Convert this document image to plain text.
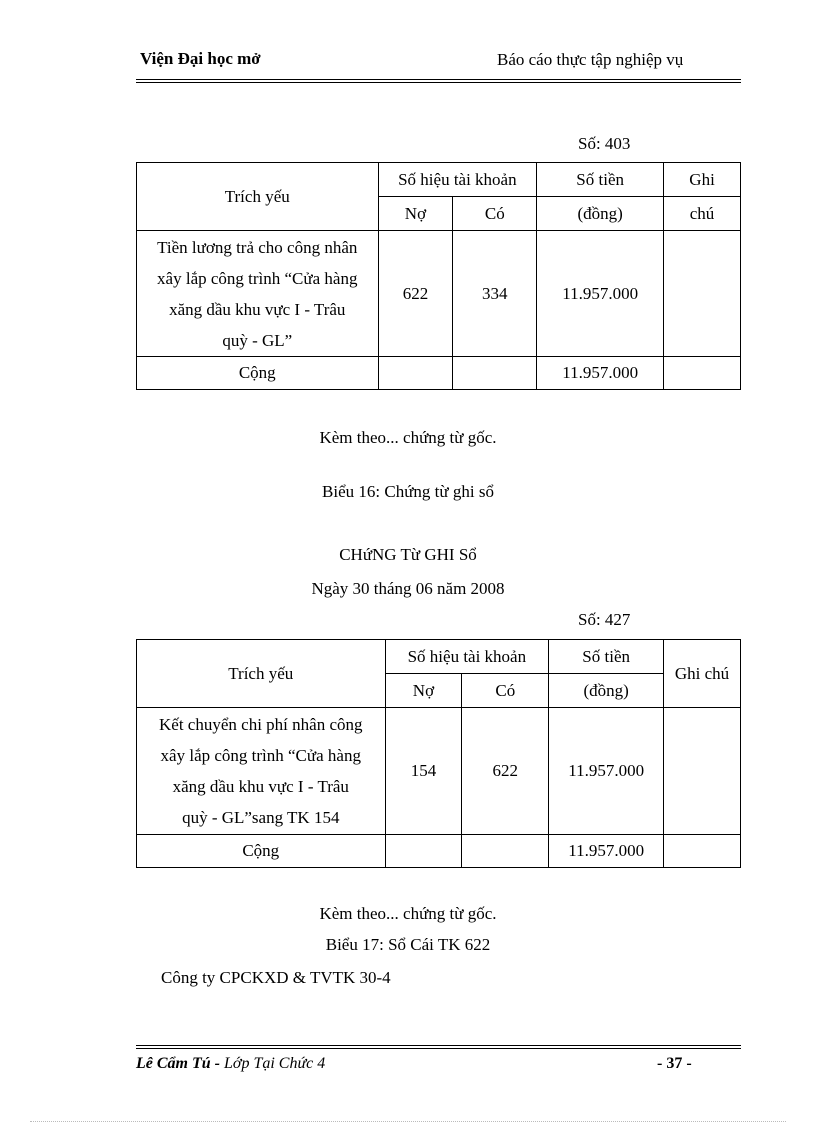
Viện Đại học mở	Báo cáo thực tập nghiệp vụ
Số: 403
Trích yếu	Số hiệu tài khoản		Số tiền	Ghi
	Nợ	Có	(đồng)	chú

Tiền lương trả cho công nhân
xây lắp công trình “Cửa hàng
xăng dầu khu vực I - Trâu
quỳ - GL”	622	334	11.957.000	
Cộng			11.957.000	
Kèm theo... chứng từ gốc.
Biểu 16: Chứng từ ghi sổ
CHứNG Từ GHI Sổ
Ngày 30 tháng 06 năm 2008
Số: 427
Trích yếu	Số hiệu tài khoản		Số tiền	Ghi chú
	Nợ	Có	(đồng)	

Kết chuyển chi phí nhân công
xây lắp công trình “Cửa hàng
xăng dầu khu vực I - Trâu
quỳ - GL”sang TK 154	154	622	11.957.000	
Cộng			11.957.000	
Kèm theo... chứng từ gốc.
Biểu 17: Sổ Cái TK 622
Công ty CPCKXD & TVTK 30-4
Lê Cẩm Tú - Lớp Tại Chức 4	- 37 -
